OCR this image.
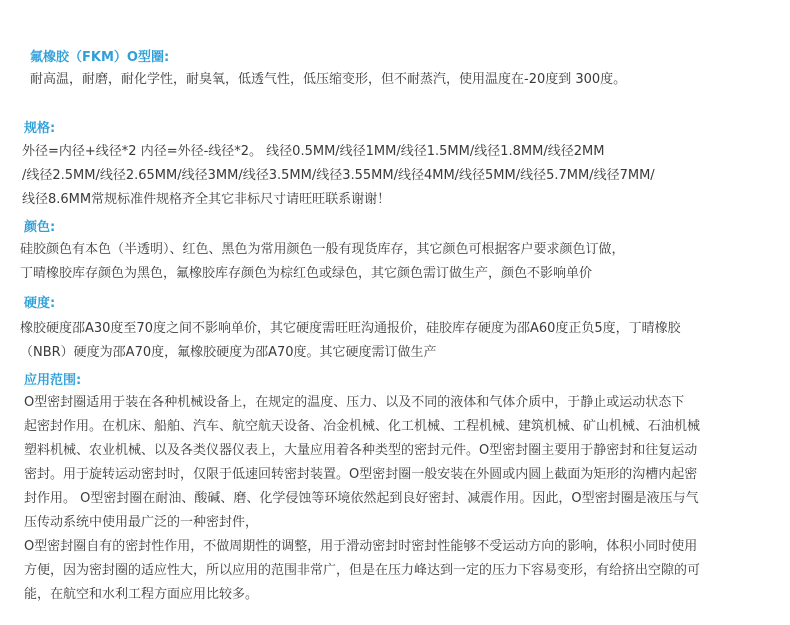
氟橡胶（FKM）O型圈:
耐高温，耐磨，耐化学性，耐臭氧，低透气性，低压缩变形，但不耐蒸汽，使用温度在-20度到 300度。
规格:
外径=内径+线径*2 内径=外径-线径*2。 线径0.5MM/线径1MM/线径1.5MM/线径1.8MM/线径2MM
/线径2.5MM/线径2.65MM/线径3MM/线径3.5MM/线径3.55MM/线径4MM/线径5MM/线径5.7MM/线径7MM/
线径8.6MM常规标准件规格齐全其它非标尺寸请旺旺联系谢谢！
颜色:
硅胶颜色有本色（半透明）、红色、黑色为常用颜色一般有现货库存，其它颜色可根据客户要求颜色订做，
丁晴橡胶库存颜色为黑色，氟橡胶库存颜色为棕红色或绿色，其它颜色需订做生产，颜色不影响单价
硬度:
橡胶硬度邵A30度至70度之间不影响单价，其它硬度需旺旺沟通报价，硅胶库存硬度为邵A60度正负5度，丁晴橡胶
（NBR）硬度为邵A70度，氟橡胶硬度为邵A70度。其它硬度需订做生产
应用范围:
O型密封圈适用于装在各种机械设备上，在规定的温度、压力、以及不同的液体和气体介质中，于静止或运动状态下
起密封作用。在机床、船舶、汽车、航空航天设备、冶金机械、化工机械、工程机械、建筑机械、矿山机械、石油机械
塑料机械、农业机械、以及各类仪器仪表上，大量应用着各种类型的密封元件。O型密封圈主要用于静密封和往复运动
密封。用于旋转运动密封时，仅限于低速回转密封装置。O型密封圈一般安装在外圆或内圆上截面为矩形的沟槽内起密
封作用。 O型密封圈在耐油、酸碱、磨、化学侵蚀等环境依然起到良好密封、减震作用。因此，O型密封圈是液压与气
压传动系统中使用最广泛的一种密封件，
O型密封圈自有的密封性作用，不做周期性的调整，用于滑动密封时密封性能够不受运动方向的影响，体积小同时使用
方便，因为密封圈的适应性大，所以应用的范围非常广，但是在压力峰达到一定的压力下容易变形，有给挤出空隙的可
能，在航空和水利工程方面应用比较多。
